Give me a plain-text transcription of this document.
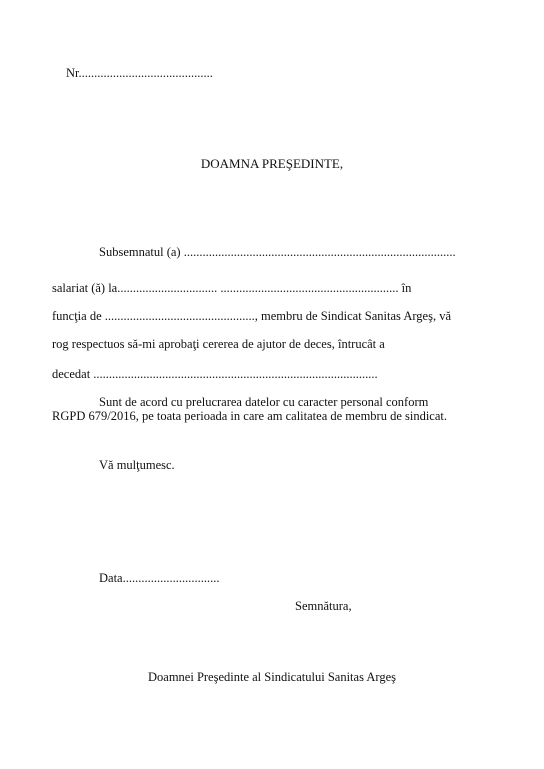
Nr...........................................
DOAMNA PREŞEDINTE,
Subsemnatul (a) .......................................................................................
salariat (ă) la................................ ......................................................... în
funcţia de ................................................, membru de Sindicat Sanitas Argeş, vă
rog respectuos să-mi aprobaţi cererea de ajutor de deces, întrucât a
decedat ...........................................................................................
Sunt de acord cu prelucrarea datelor cu caracter personal conform
RGPD 679/2016, pe toata perioada in care am calitatea de membru de sindicat.
Vă mulţumesc.
Data...............................
Semnătura,
Doamnei Preşedinte al Sindicatului Sanitas Argeş
